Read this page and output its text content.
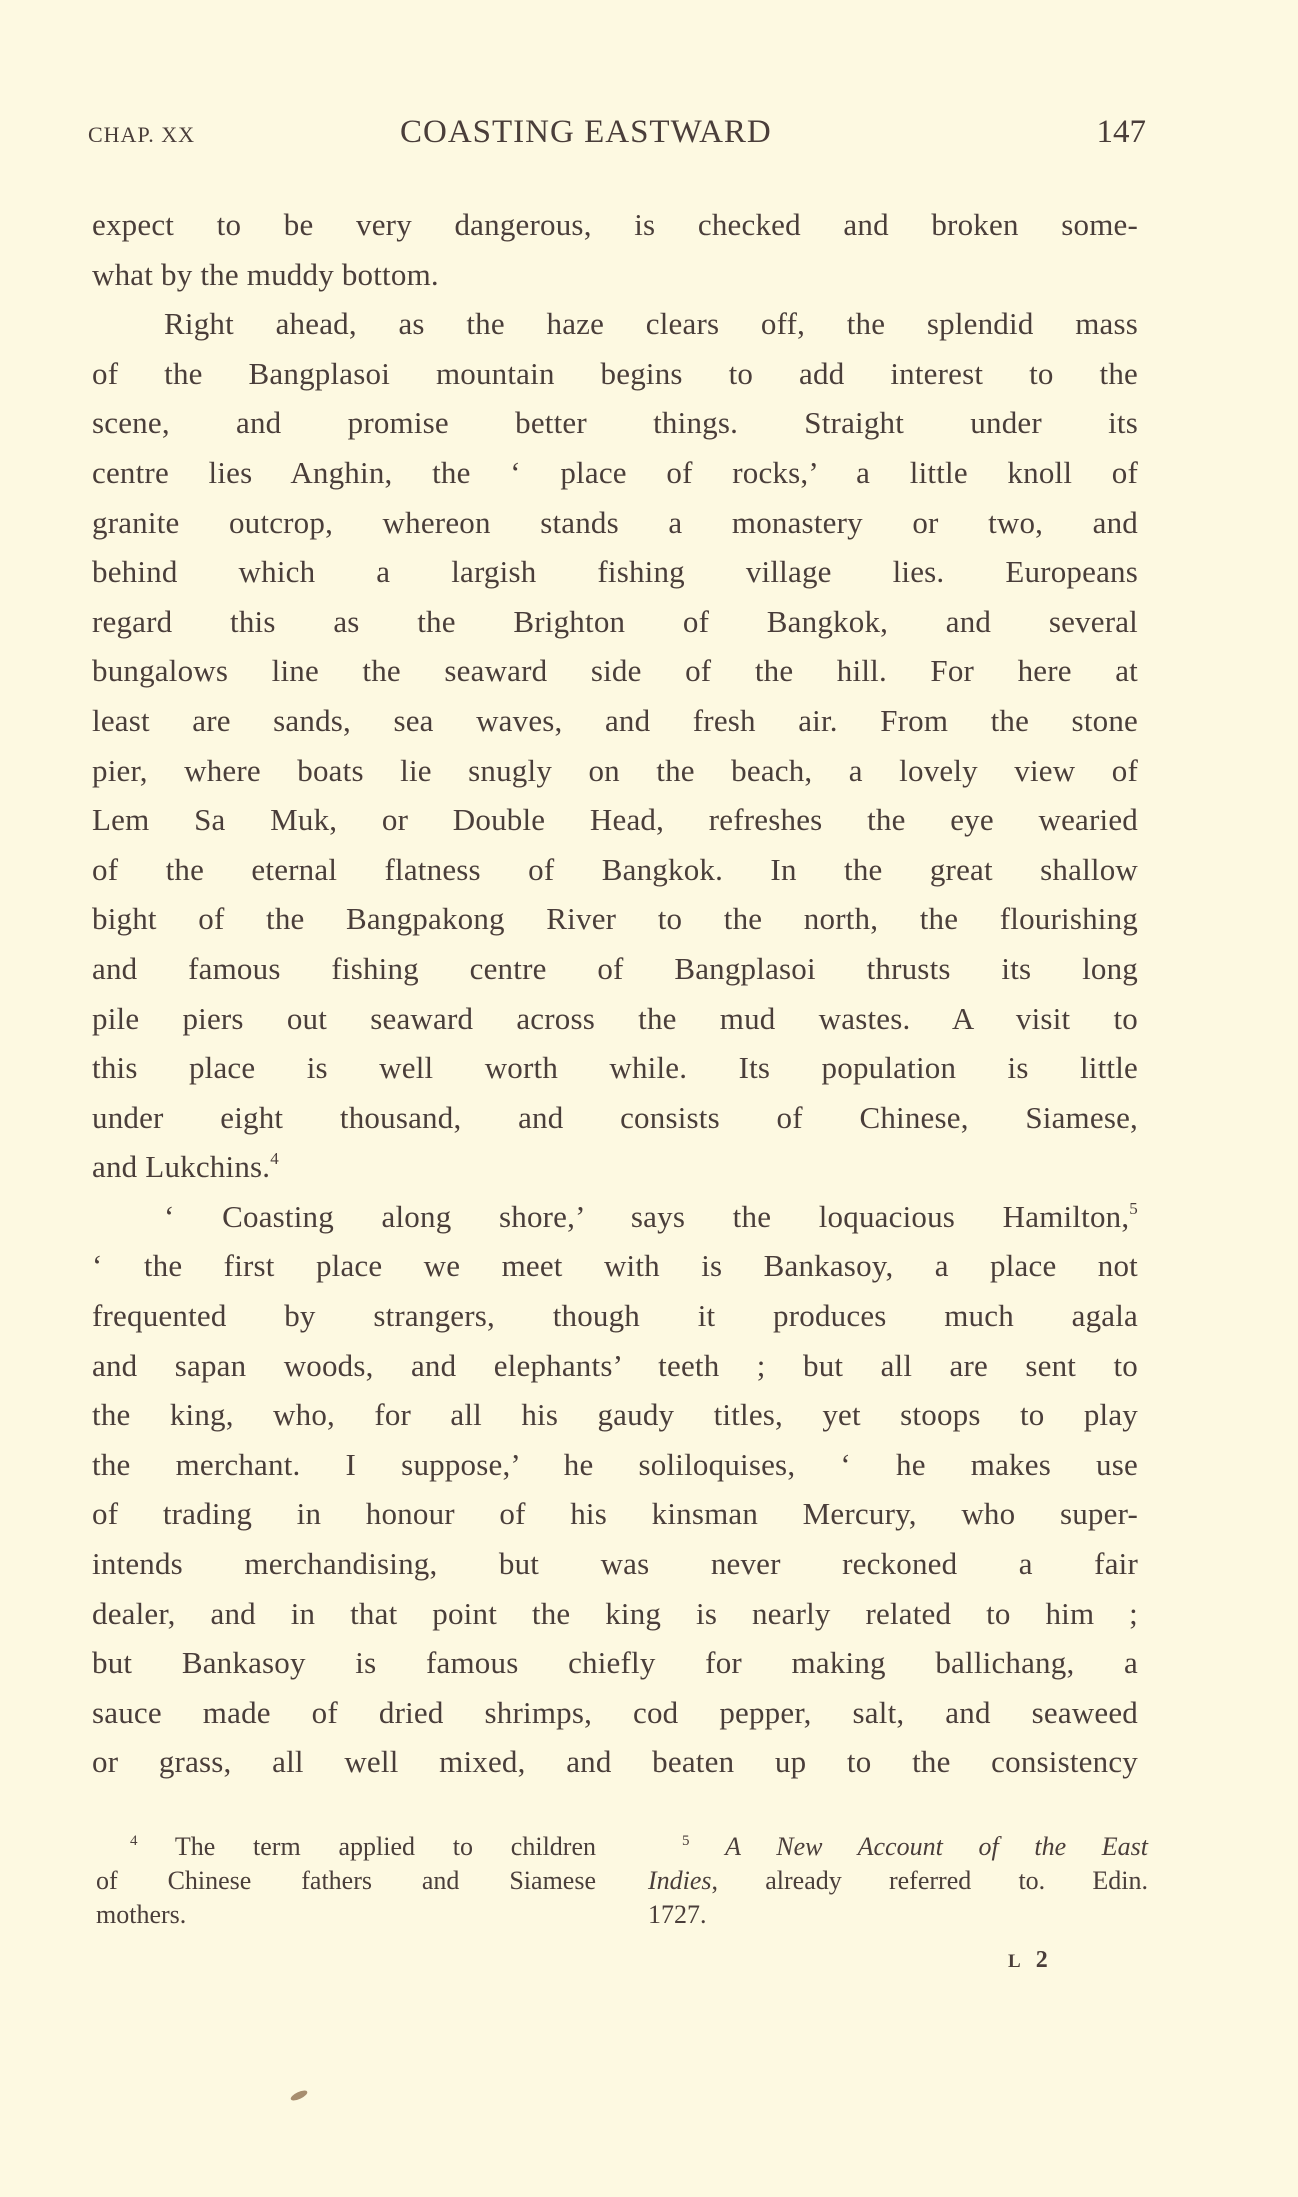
CHAP. XX	COASTING EASTWARD	147
expect to be very dangerous, is checked and broken some-
what by the muddy bottom.
Right ahead, as the haze clears off, the splendid mass
of the Bangplasoi mountain begins to add interest to the
scene, and promise better things. Straight under its
centre lies Anghin, the ‘ place of rocks,’ a little knoll of
granite outcrop, whereon stands a monastery or two, and
behind which a largish fishing village lies. Europeans
regard this as the Brighton of Bangkok, and several
bungalows line the seaward side of the hill. For here at
least are sands, sea waves, and fresh air. From the stone
pier, where boats lie snugly on the beach, a lovely view of
Lem Sa Muk, or Double Head, refreshes the eye wearied
of the eternal flatness of Bangkok. In the great shallow
bight of the Bangpakong River to the north, the flourishing
and famous fishing centre of Bangplasoi thrusts its long
pile piers out seaward across the mud wastes. A visit to
this place is well worth while. Its population is little
under eight thousand, and consists of Chinese, Siamese,
and Lukchins.$^4$
‘ Coasting along shore,’ says the loquacious Hamilton,$^5$
‘ the first place we meet with is Bankasoy, a place not
frequented by strangers, though it produces much agala
and sapan woods, and elephants’ teeth ; but all are sent to
the king, who, for all his gaudy titles, yet stoops to play
the merchant. I suppose,’ he soliloquises, ‘ he makes use
of trading in honour of his kinsman Mercury, who super-
intends merchandising, but was never reckoned a fair
dealer, and in that point the king is nearly related to him ;
but Bankasoy is famous chiefly for making ballichang, a
sauce made of dried shrimps, cod pepper, salt, and seaweed
or grass, all well mixed, and beaten up to the consistency
$^4$ The term applied to children
of Chinese fathers and Siamese
mothers.
$^5$ A New Account of the East
Indies, already referred to. Edin.
1727.
L 2
